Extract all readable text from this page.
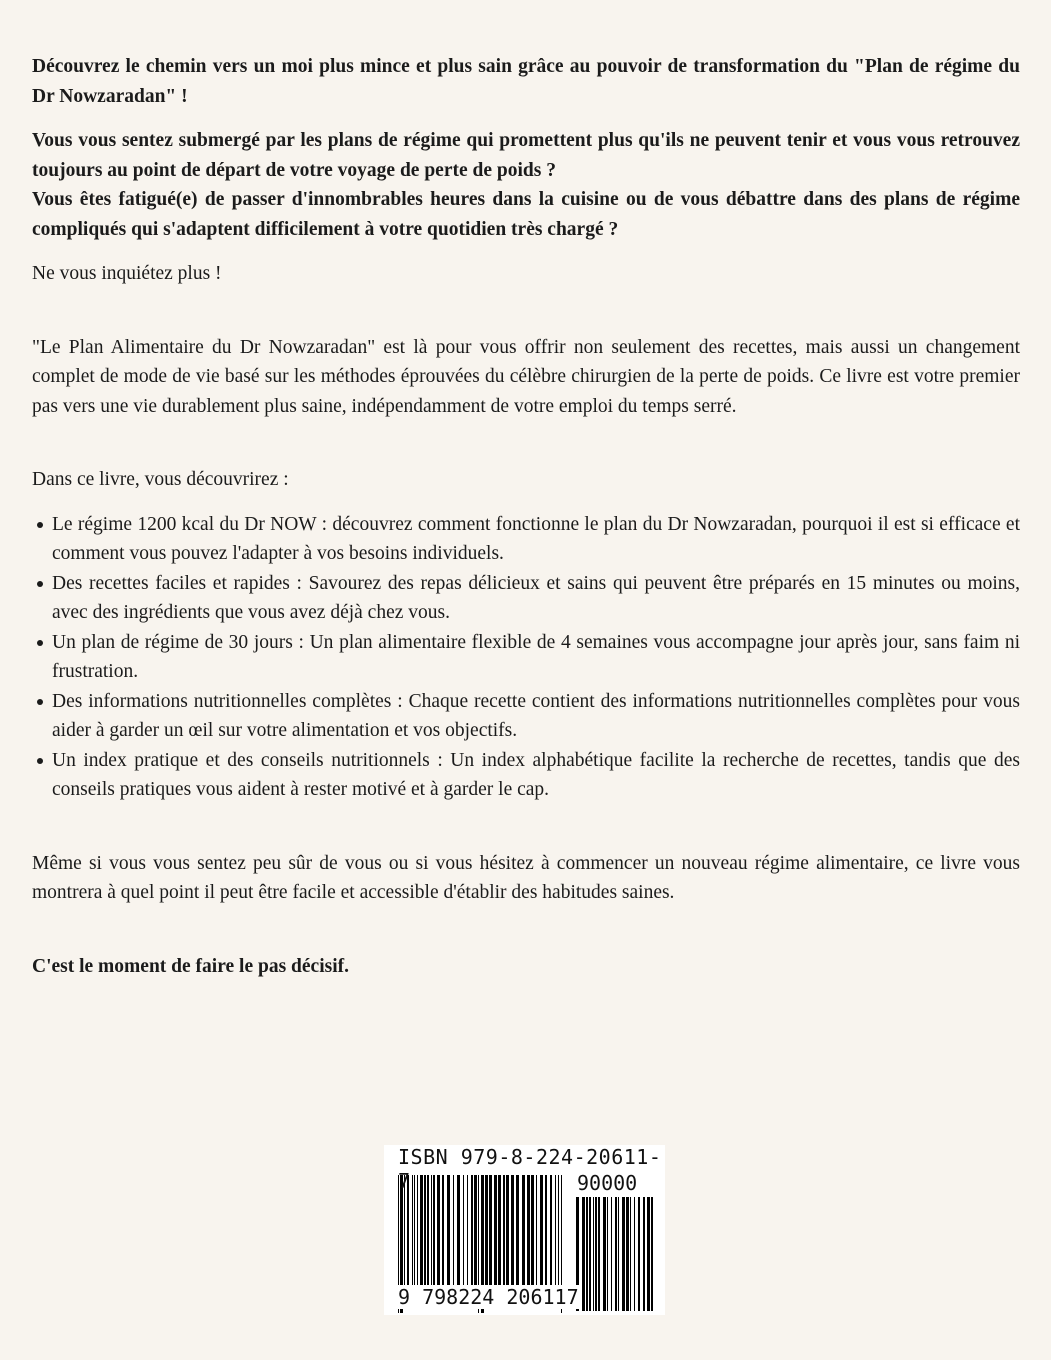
Découvrez le chemin vers un moi plus mince et plus sain grâce au pouvoir de transformation du "Plan de régime du Dr Nowzaradan" !

Vous vous sentez submergé par les plans de régime qui promettent plus qu'ils ne peuvent tenir et vous vous retrouvez toujours au point de départ de votre voyage de perte de poids ?
Vous êtes fatigué(e) de passer d'innombrables heures dans la cuisine ou de vous débattre dans des plans de régime compliqués qui s'adaptent difficilement à votre quotidien très chargé ?

Ne vous inquiétez plus !

"Le Plan Alimentaire du Dr Nowzaradan" est là pour vous offrir non seulement des recettes, mais aussi un changement complet de mode de vie basé sur les méthodes éprouvées du célèbre chirurgien de la perte de poids. Ce livre est votre premier pas vers une vie durablement plus saine, indépendamment de votre emploi du temps serré.

Dans ce livre, vous découvrirez :

Le régime 1200 kcal du Dr NOW : découvrez comment fonctionne le plan du Dr Nowzaradan, pourquoi il est si efficace et comment vous pouvez l'adapter à vos besoins individuels.
Des recettes faciles et rapides : Savourez des repas délicieux et sains qui peuvent être préparés en 15 minutes ou moins, avec des ingrédients que vous avez déjà chez vous.
Un plan de régime de 30 jours : Un plan alimentaire flexible de 4 semaines vous accompagne jour après jour, sans faim ni frustration.
Des informations nutritionnelles complètes : Chaque recette contient des informations nutritionnelles complètes pour vous aider à garder un œil sur votre alimentation et vos objectifs.
Un index pratique et des conseils nutritionnels : Un index alphabétique facilite la recherche de recettes, tandis que des conseils pratiques vous aident à rester motivé et à garder le cap.

Même si vous vous sentez peu sûr de vous ou si vous hésitez à commencer un nouveau régime alimentaire, ce livre vous montrera à quel point il peut être facile et accessible d'établir des habitudes saines.

C'est le moment de faire le pas décisif.

ISBN 979-8-224-20611-7	90000
9 798224 206117
